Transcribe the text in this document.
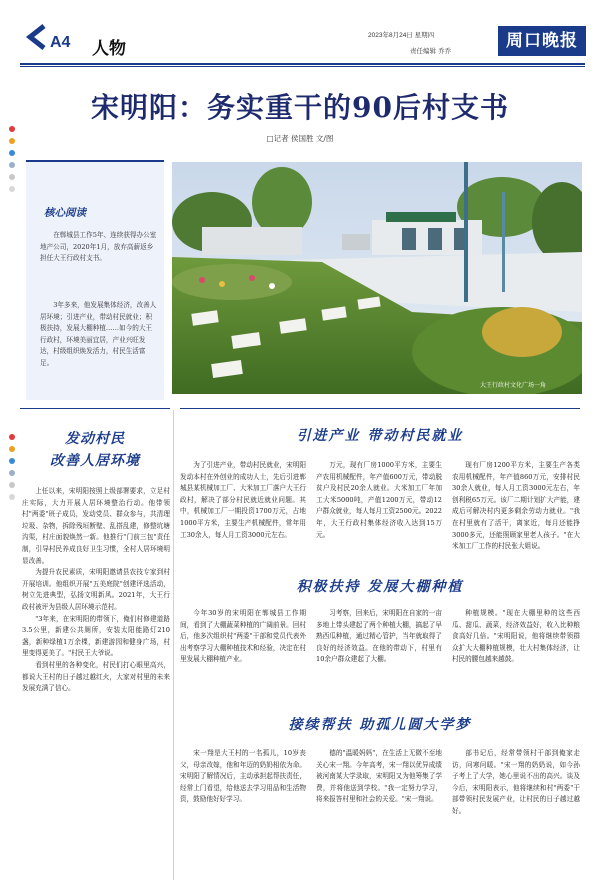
A4 人物
2023年8月24日 星期四
责任编辑 乔乔	周口晚报
宋明阳：务实重干的90后村支书
□记者 侯国胜 文/图
核心阅读
在郸城县工作5年、连续获得办公室地产公司，2020年1月，放弃高薪返乡担任大王行政村支书。
3年多来，他发展集体经济，改善人居环境；引进产业，带动村民就业；积极扶持，发展大棚种植……如今的大王行政村，环境美丽宜居，产业兴旺发达，村级组织焕发活力，村民生活富足。
大王行政村文化广场一角
发动村民
改善人居环境

上任以来，宋明阳按照上级部署要求，立足村庄实际，大力开展人居环境整治行动。他带领村"两委"班子成员，发动党员、群众参与，共清理垃圾、杂物，拆除残垣断壁、乱搭乱建，修整坑塘沟渠，村庄面貌焕然一新。他推行"门前三包"责任制，引导村民养成良好卫生习惯，全村人居环境明显改善。

为提升农民素质，宋明阳邀请县农技专家到村开展培训。他组织开展"五美庭院"创建评选活动，树立先进典型，弘扬文明新风。2021年，大王行政村被评为县级人居环境示范村。

"3年来，在宋明阳的带领下，俺们村修建道路3.5公里，新建公共厕所，安装太阳能路灯210盏，新种绿植1万余棵，新建游园和健身广场，村里变得更美了。"村民王大爷说。

看到村里的各种变化，村民们打心眼里高兴，都说大王村的日子越过越红火，大家对村里的未来发展充满了信心。

引进产业 带动村民就业

为了引进产业，带动村民就业，宋明阳发动本村在外创业的成功人士，先后引进郸城县某机械加工厂、大米加工厂落户大王行政村，解决了部分村民就近就业问题。其中，机械加工厂一期投资1700万元，占地1000平方米，主要生产机械配件，常年用工30余人，每人月工资3000元左右。

万元，现有厂房1000平方米，主要生产农用机械配件，年产值600万元，带动脱贫户及村民20余人就业。大米加工厂年加工大米5000吨，产值1200万元，带动12户群众就业，每人每月工资2500元。2022年，大王行政村集体经济收入达到15万元。

现有厂房1200平方米，主要生产各类农用机械配件，年产值860万元，安排村民30余人就业，每人月工资3000元左右，年创利税65万元。该厂二期计划扩大产能，建成后可解决村内更多剩余劳动力就业。"我在村里就有了活干，离家近，每月还能挣3000多元，还能照顾家里老人孩子。"在大米加工厂工作的村民张大姐说。

积极扶持 发展大棚种植

今年30岁的宋明阳在郸城县工作期间，看到了大棚蔬菜种植的广阔前景。回村后，他多次组织村"两委"干部和党员代表外出考察学习大棚种植技术和经验，决定在村里发展大棚种植产业。

习考察，回来后，宋明阳在自家的一亩多地上带头建起了两个种植大棚，搞起了早熟西瓜种植，通过精心管护，当年就取得了良好的经济效益。在他的带动下，村里有10余户群众建起了大棚。

种植规模。"现在大棚里种的这些西瓜、甜瓜、蔬菜，经济效益好，收入比种粮食高好几倍。"宋明阳说，他将继续带领群众扩大大棚种植规模，壮大村集体经济，让村民的腰包越来越鼓。

接续帮扶 助孤儿圆大学梦

宋一翔是大王村的一名孤儿，10岁丧父，母亲改嫁，他和年迈的奶奶相依为命。宋明阳了解情况后，主动承担起帮扶责任，经常上门看望，给他送去学习用品和生活物资，鼓励他好好学习。

德的"温暖妈妈"，在生活上无微不至地关心宋一翔。今年高考，宋一翔以优异成绩被河南某大学录取，宋明阳又为他筹集了学费，并将他送到学校。"我一定努力学习，将来报答村里和社会的关爱。"宋一翔说。

部书记后，经常带领村干部到俺家走访，问寒问暖。"宋一翔的奶奶说，如今孙子考上了大学，她心里说不出的高兴。谈及今后，宋明阳表示，他将继续和村"两委"干部带领村民发展产业，让村民的日子越过越好。
